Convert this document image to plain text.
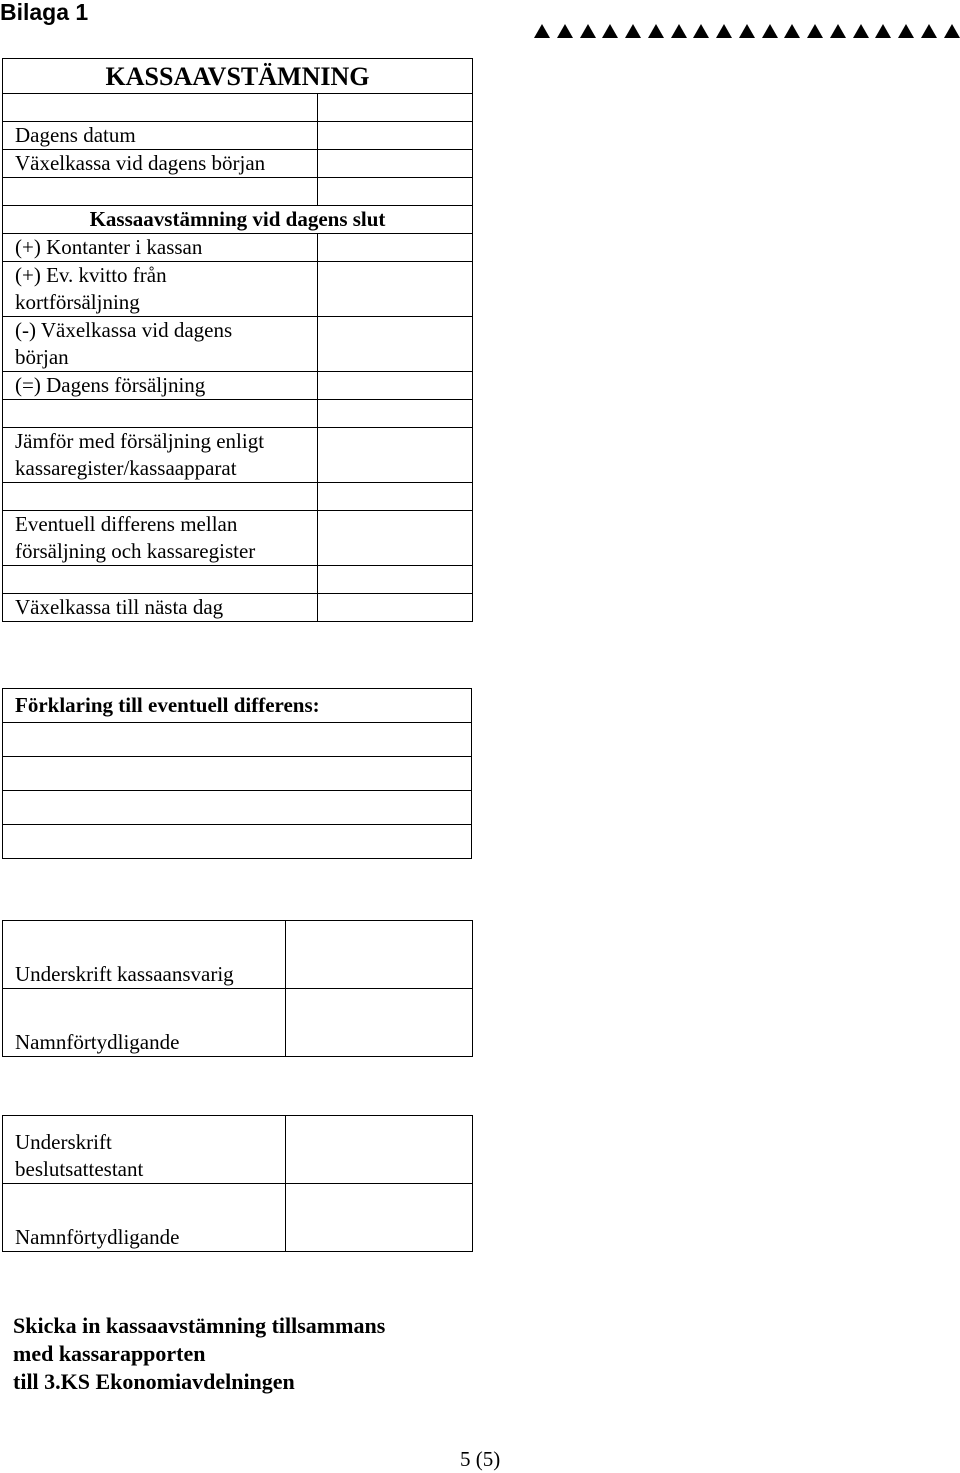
Bilaga 1
KASSAAVSTÄMNING	

Dagens datum	
Växelkassa vid dagens början	

Kassaavstämning vid dagens slut	
(+) Kontanter i kassan	
(+) Ev. kvitto från
kortförsäljning	
(-) Växelkassa vid dagens
början	
(=) Dagens försäljning	

Jämför med försäljning enligt
kassaregister/kassaapparat	

Eventuell differens mellan
försäljning och kassaregister	

Växelkassa till nästa dag	
Förklaring till eventuell differens:

Underskrift kassaansvarig	
Namnförtydligande	
Underskrift
beslutsattestant	
Namnförtydligande	
Skicka in kassaavstämning tillsammans
med kassarapporten
till 3.KS Ekonomiavdelningen
5 (5)
